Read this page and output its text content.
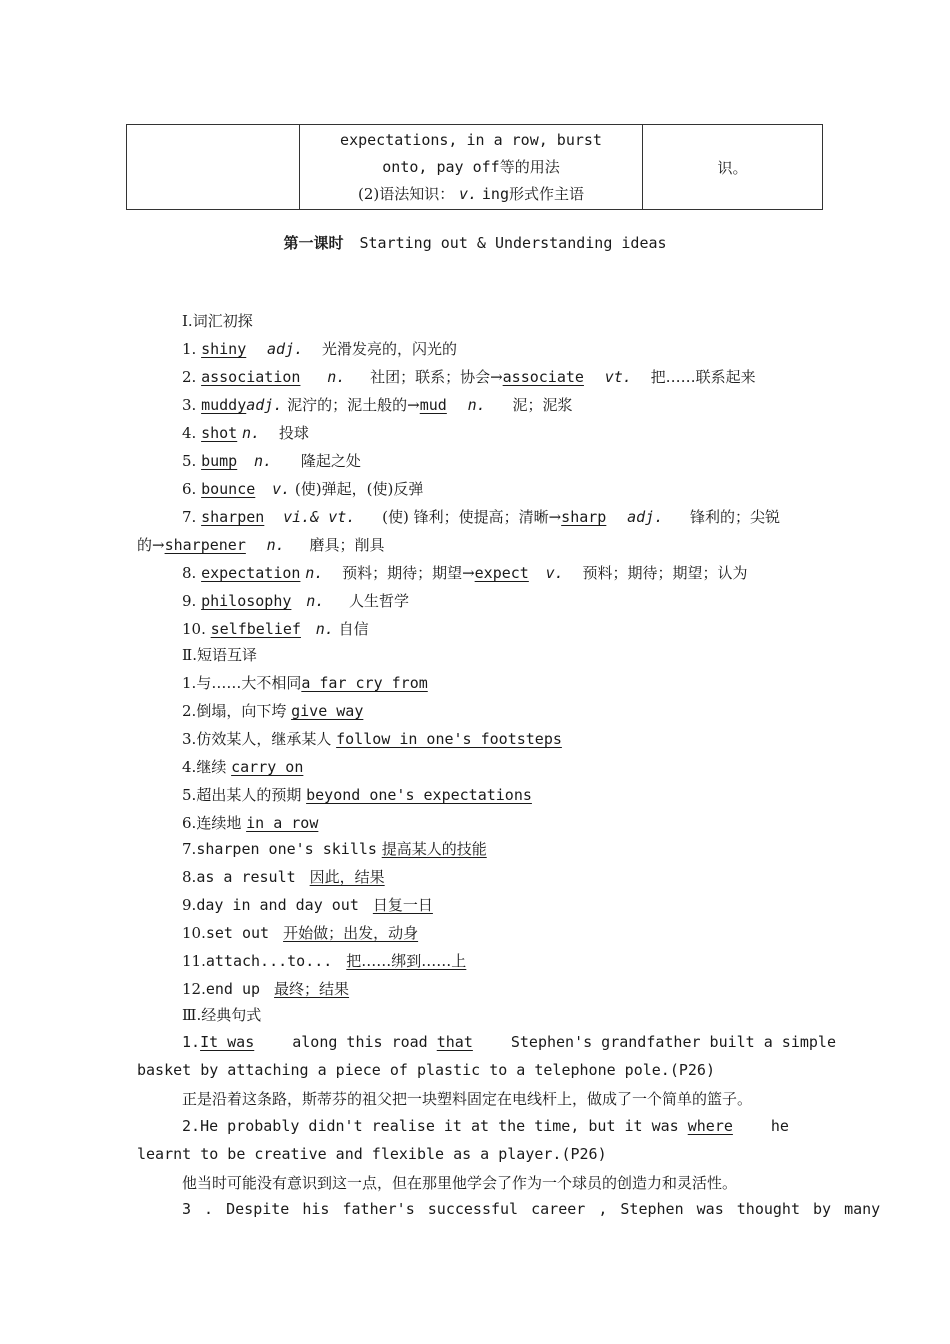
expectations, in a row, burst
onto, pay off等的用法
(2)语法知识： v. ing形式作主语
	识。
第一课时 Starting out & Understanding ideas
Ⅰ.词汇初探
1. shiny adj. 光滑发亮的，闪光的
2. association n. 社团；联系；协会→associate vt. 把……联系起来
3. muddyadj. 泥泞的；泥土般的→mud n. 泥；泥浆
4. shot n. 投球
5. bump n. 隆起之处
6. bounce v. (使)弹起，(使)反弹
7. sharpen vi.& vt. (使) 锋利；使提高；清晰→sharp adj. 锋利的；尖锐
的→sharpener n. 磨具；削具
8. expectation n. 预料；期待；期望→expect v. 预料；期待；期望；认为
9. philosophy n. 人生哲学
10. selfbelief n. 自信
Ⅱ.短语互译
1.与……大不相同a far cry from
2.倒塌，向下垮 give way
3.仿效某人，继承某人 follow in one's footsteps
4.继续 carry on
5.超出某人的预期 beyond one's expectations
6.连续地 in a row
7.sharpen one's skills 提高某人的技能
8.as a result 因此，结果
9.day in and day out 日复一日
10.set out 开始做；出发，动身
11.attach...to... 把……绑到……上
12.end up 最终；结果
Ⅲ.经典句式
1.It was	along this road that	Stephen's grandfather built a simple
basket by attaching a piece of plastic to a telephone pole.(P26)
正是沿着这条路，斯蒂芬的祖父把一块塑料固定在电线杆上，做成了一个简单的篮子。
2.He probably didn't realise it at the time, but it was where	he
learnt to be creative and flexible as a player.(P26)
他当时可能没有意识到这一点，但在那里他学会了作为一个球员的创造力和灵活性。
3 . Despite his father's successful career , Stephen was thought by many
